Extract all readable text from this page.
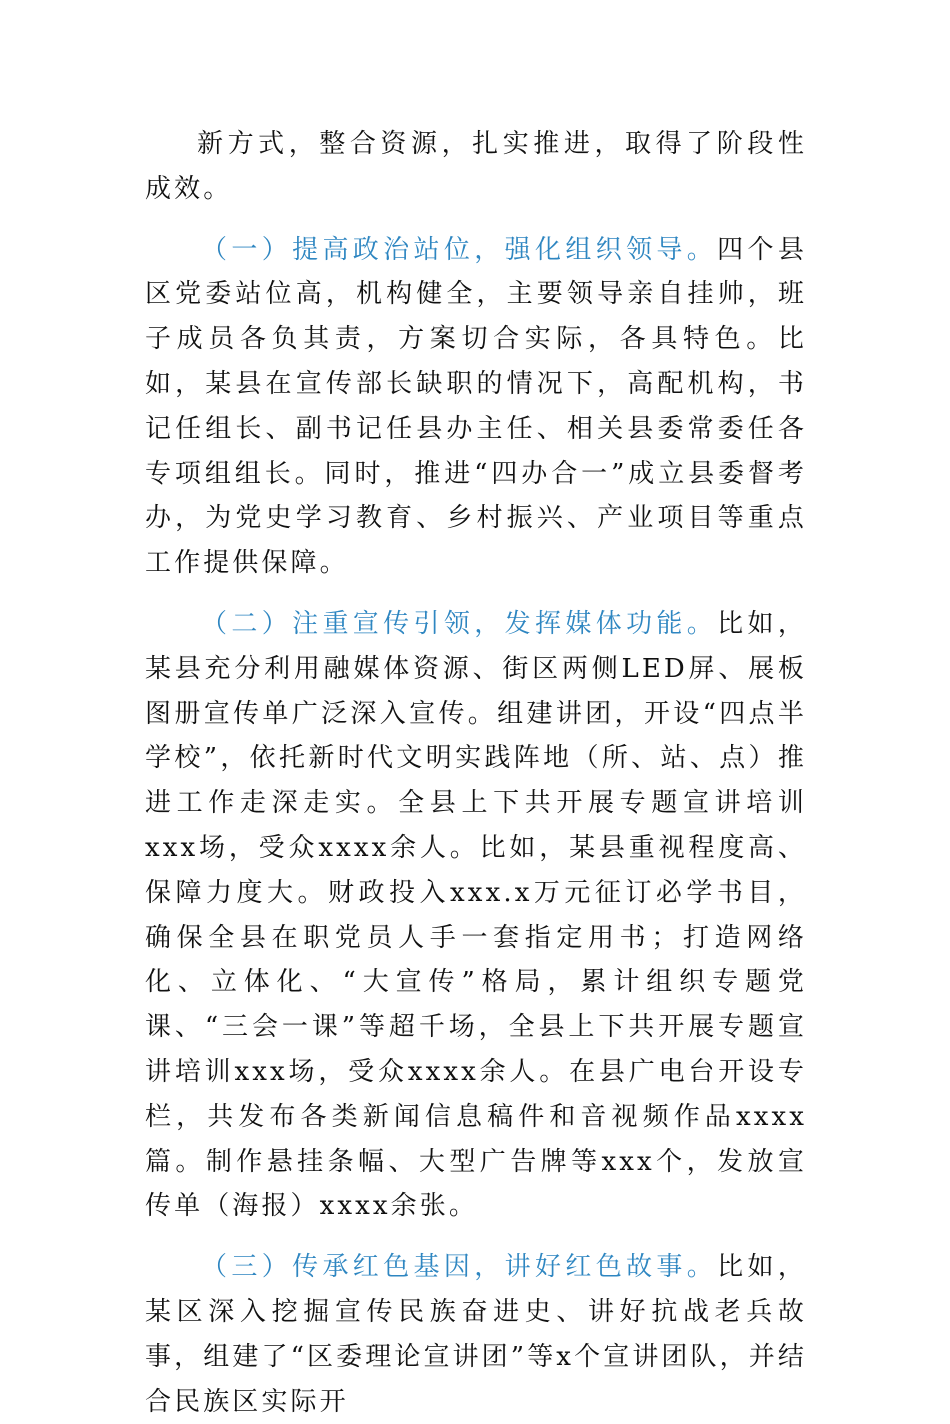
新方式，整合资源，扎实推进，取得了阶段性成效。

（一）提高政治站位，强化组织领导。四个县区党委站位高，机构健全，主要领导亲自挂帅，班子成员各负其责，方案切合实际，各具特色。比如，某县在宣传部长缺职的情况下，高配机构，书记任组长、副书记任县办主任、相关县委常委任各专项组组长。同时，推进“四办合一”成立县委督考办，为党史学习教育、乡村振兴、产业项目等重点工作提供保障。

（二）注重宣传引领，发挥媒体功能。比如，某县充分利用融媒体资源、街区两侧LED屏、展板图册宣传单广泛深入宣传。组建讲团，开设“四点半学校”，依托新时代文明实践阵地（所、站、点）推进工作走深走实。全县上下共开展专题宣讲培训xxx场，受众xxxx余人。比如，某县重视程度高、保障力度大。财政投入xxx.x万元征订必学书目，确保全县在职党员人手一套指定用书；打造网络化、立体化、“大宣传”格局，累计组织专题党课、“三会一课”等超千场，全县上下共开展专题宣讲培训xxx场，受众xxxx余人。在县广电台开设专栏，共发布各类新闻信息稿件和音视频作品xxxx篇。制作悬挂条幅、大型广告牌等xxx个，发放宣传单（海报）xxxx余张。

（三）传承红色基因，讲好红色故事。比如，某区深入挖掘宣传民族奋进史、讲好抗战老兵故事，组建了“区委理论宣讲团”等x个宣讲团队，并结合民族区实际开
